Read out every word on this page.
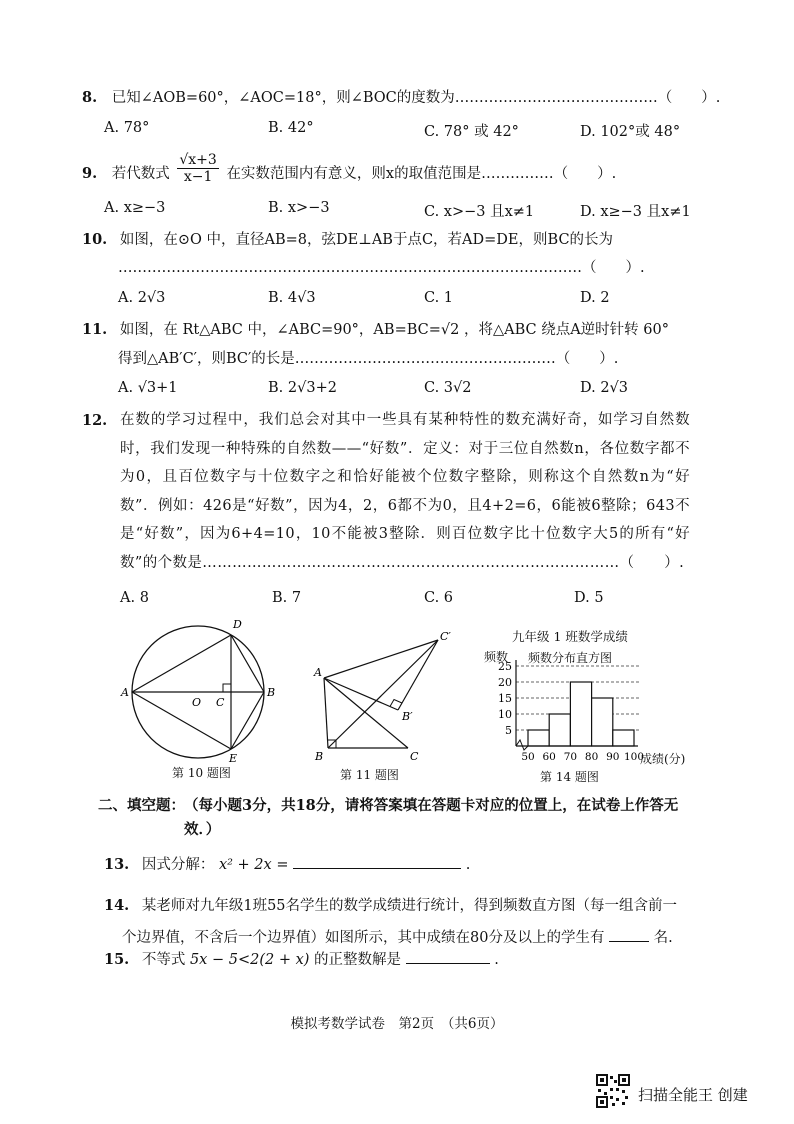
8. 已知∠AOB=60°，∠AOC=18°，则∠BOC的度数为……………………………………（　　）.
A. 78°	B. 42°	C. 78° 或 42°	D. 102°或 48°
9. 若代数式 $\frac{√x+3}{x-1}$ 在实数范围内有意义，则x的取值范围是……………（　　）.
A. x≥−3	B. x>−3	C. x>−3 且x≠1	D. x≥−3 且x≠1
10. 如图，在⊙O 中，直径AB=8，弦DE⊥AB于点C，若AD=DE，则BC的长为
……………………………………………………………………………………（　　）.
A. 2√3	B. 4√3	C. 1	D. 2
11. 如图，在 Rt△ABC 中，∠ABC=90°，AB=BC=√2 ，将△ABC 绕点A逆时针转 60°
得到△AB′C′，则BC′的长是………………………………………………（　　）.
A. √3+1	B. 2√3+2	C. 3√2	D. 2√3
12. 在数的学习过程中，我们总会对其中一些具有某种特性的数充满好奇，如学习自然数时，我们发现一种特殊的自然数——“好数”．定义：对于三位自然数n，各位数字都不为0，且百位数字与十位数字之和恰好能被个位数字整除，则称这个自然数n为“好数”．例如：426是“好数”，因为4，2，6都不为0，且4+2=6，6能被6整除；643不是“好数”，因为6+4=10，10不能被3整除．则百位数字比十位数字大5的所有“好数”的个数是…………………………………………………………………………（　　）.
A. 8	B. 7	C. 6	D. 5
A	B
C
O
D
E
第 10 题图
A
B	C
B′
C′
第 11 题图
九年级 1 班数学成绩
频数 频数分布直方图
5
10
15
20
25
50 60 70 80 90 100
成绩(分)
第 14 题图
二、填空题： （每小题3分，共18分，请将答案填在答题卡对应的位置上，在试卷上作答无效．）
13. 因式分解： x² + 2x =	.
14. 某老师对九年级1班55名学生的数学成绩进行统计，得到频数直方图（每一组含前一
个边界值，不含后一个边界值）如图所示，其中成绩在80分及以上的学生有	名.
15. 不等式 5x − 5<2(2 + x) 的正整数解是	.
模拟考数学试卷　第2页　（共6页）
扫描全能王 创建
